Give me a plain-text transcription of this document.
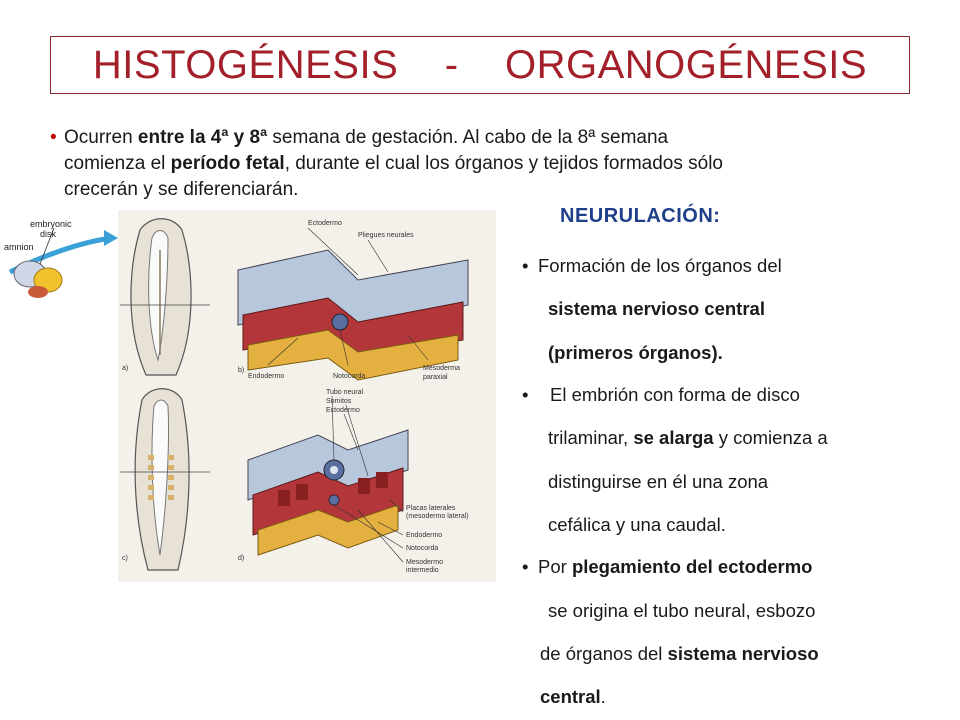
HISTOGÉNESIS    -    ORGANOGÉNESIS
• Ocurren entre la 4ª y 8ª semana de gestación. Al cabo de la 8ª semana
comienza el período fetal, durante el cual los órganos y tejidos formados sólo
crecerán y se diferenciarán.
embryonic
disk
amnion
a)
Ectodermo
Pliegues neurales
Endodermo	Notocorda
Mesoderma
paraxial
b)
c)
Tubo neural
Somitos
Ectodermo
Placas laterales
(mesodermo lateral)
Endodermo
Notocorda
Mesodermo
intermedio
d)
NEURULACIÓN:
• Formación de los órganos del
sistema nervioso central
(primeros órganos).
• El embrión con forma de disco
trilaminar, se alarga y comienza a
distinguirse en él una zona
cefálica y una caudal.
• Por plegamiento del ectodermo
se origina el tubo neural, esbozo
de órganos del sistema nervioso
central.
